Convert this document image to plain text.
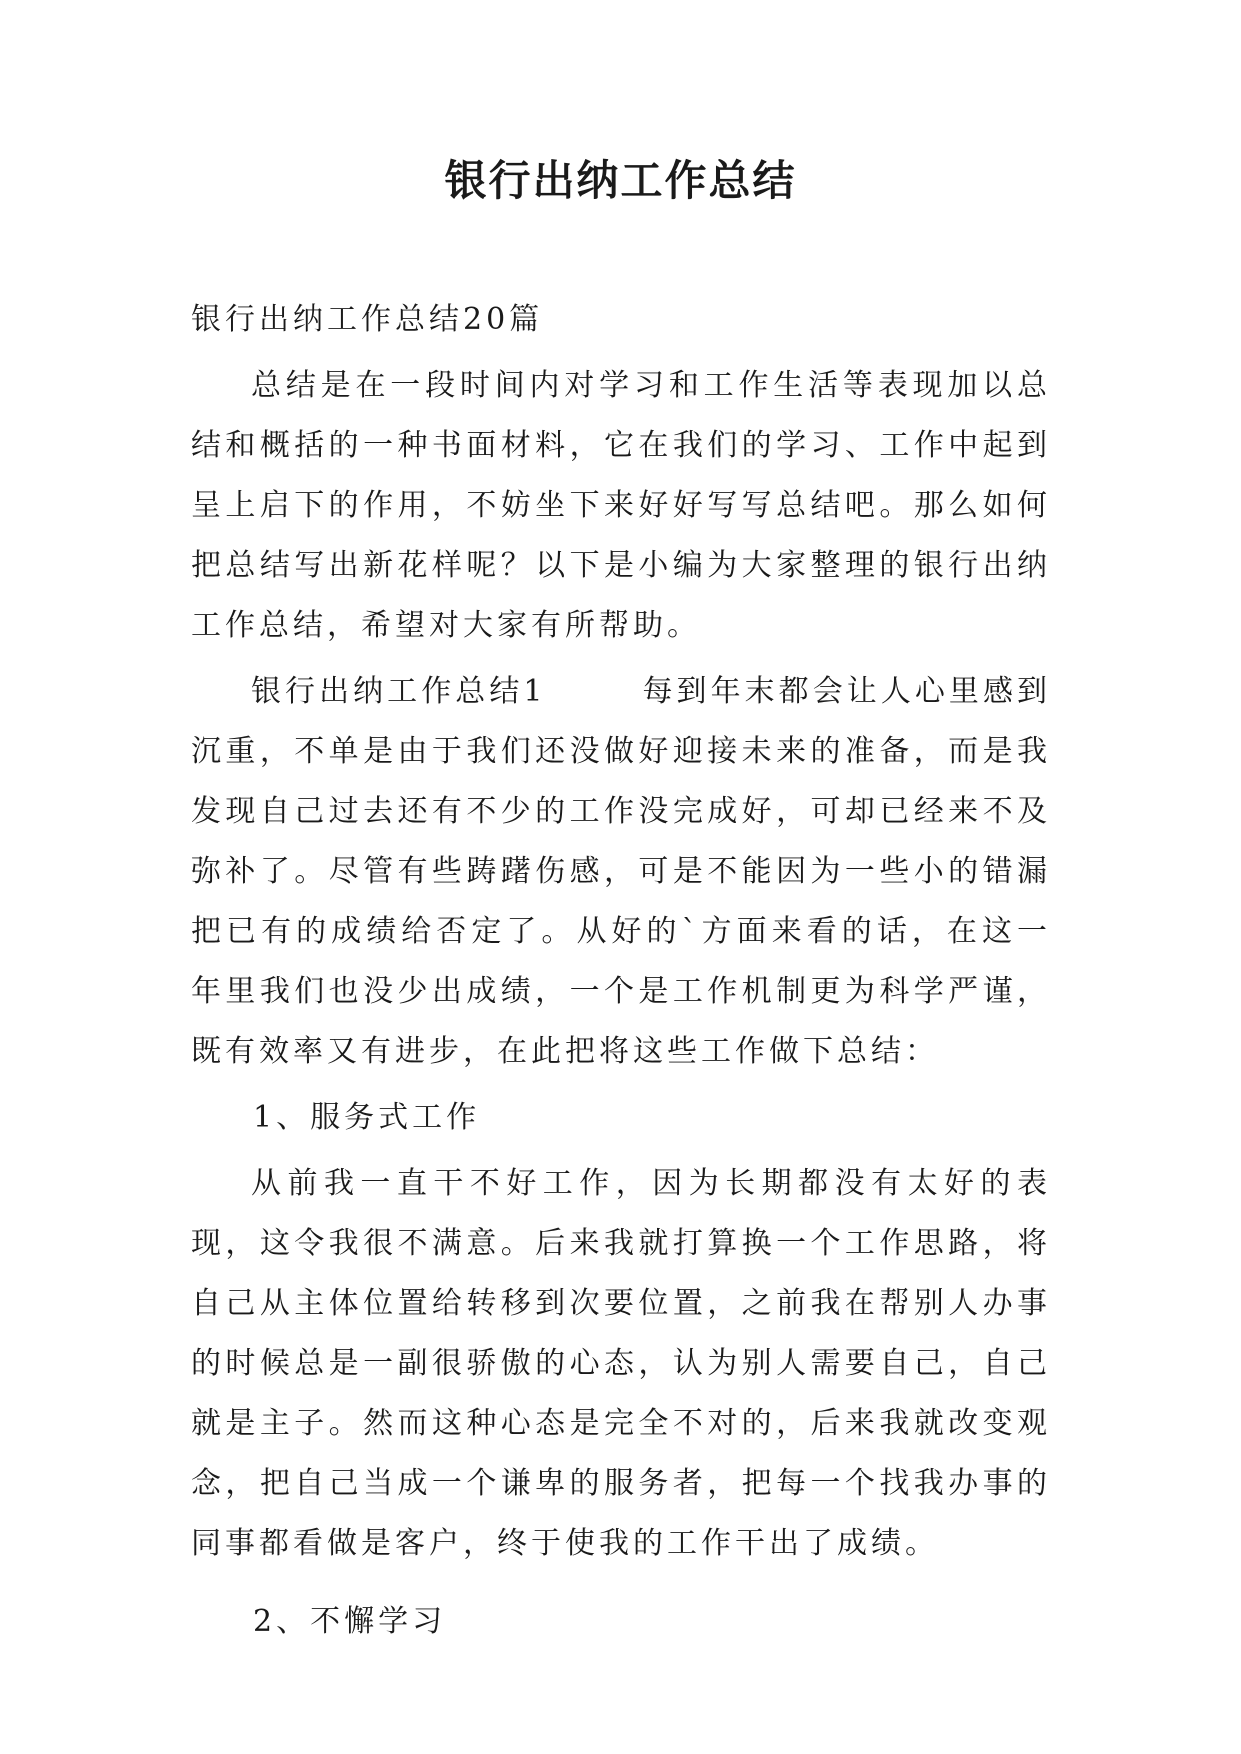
银行出纳工作总结

银行出纳工作总结20篇

总结是在一段时间内对学习和工作生活等表现加以总结和概括的一种书面材料，它在我们的学习、工作中起到呈上启下的作用，不妨坐下来好好写写总结吧。那么如何把总结写出新花样呢？以下是小编为大家整理的银行出纳工作总结，希望对大家有所帮助。

银行出纳工作总结1	每到年末都会让人心里感到沉重，不单是由于我们还没做好迎接未来的准备，而是我发现自己过去还有不少的工作没完成好，可却已经来不及弥补了。尽管有些踌躇伤感，可是不能因为一些小的错漏把已有的成绩给否定了。从好的`方面来看的话，在这一年里我们也没少出成绩，一个是工作机制更为科学严谨，既有效率又有进步，在此把将这些工作做下总结：

1、服务式工作

从前我一直干不好工作，因为长期都没有太好的表现，这令我很不满意。后来我就打算换一个工作思路，将自己从主体位置给转移到次要位置，之前我在帮别人办事的时候总是一副很骄傲的心态，认为别人需要自己，自己就是主子。然而这种心态是完全不对的，后来我就改变观念，把自己当成一个谦卑的服务者，把每一个找我办事的同事都看做是客户，终于使我的工作干出了成绩。

2、不懈学习
